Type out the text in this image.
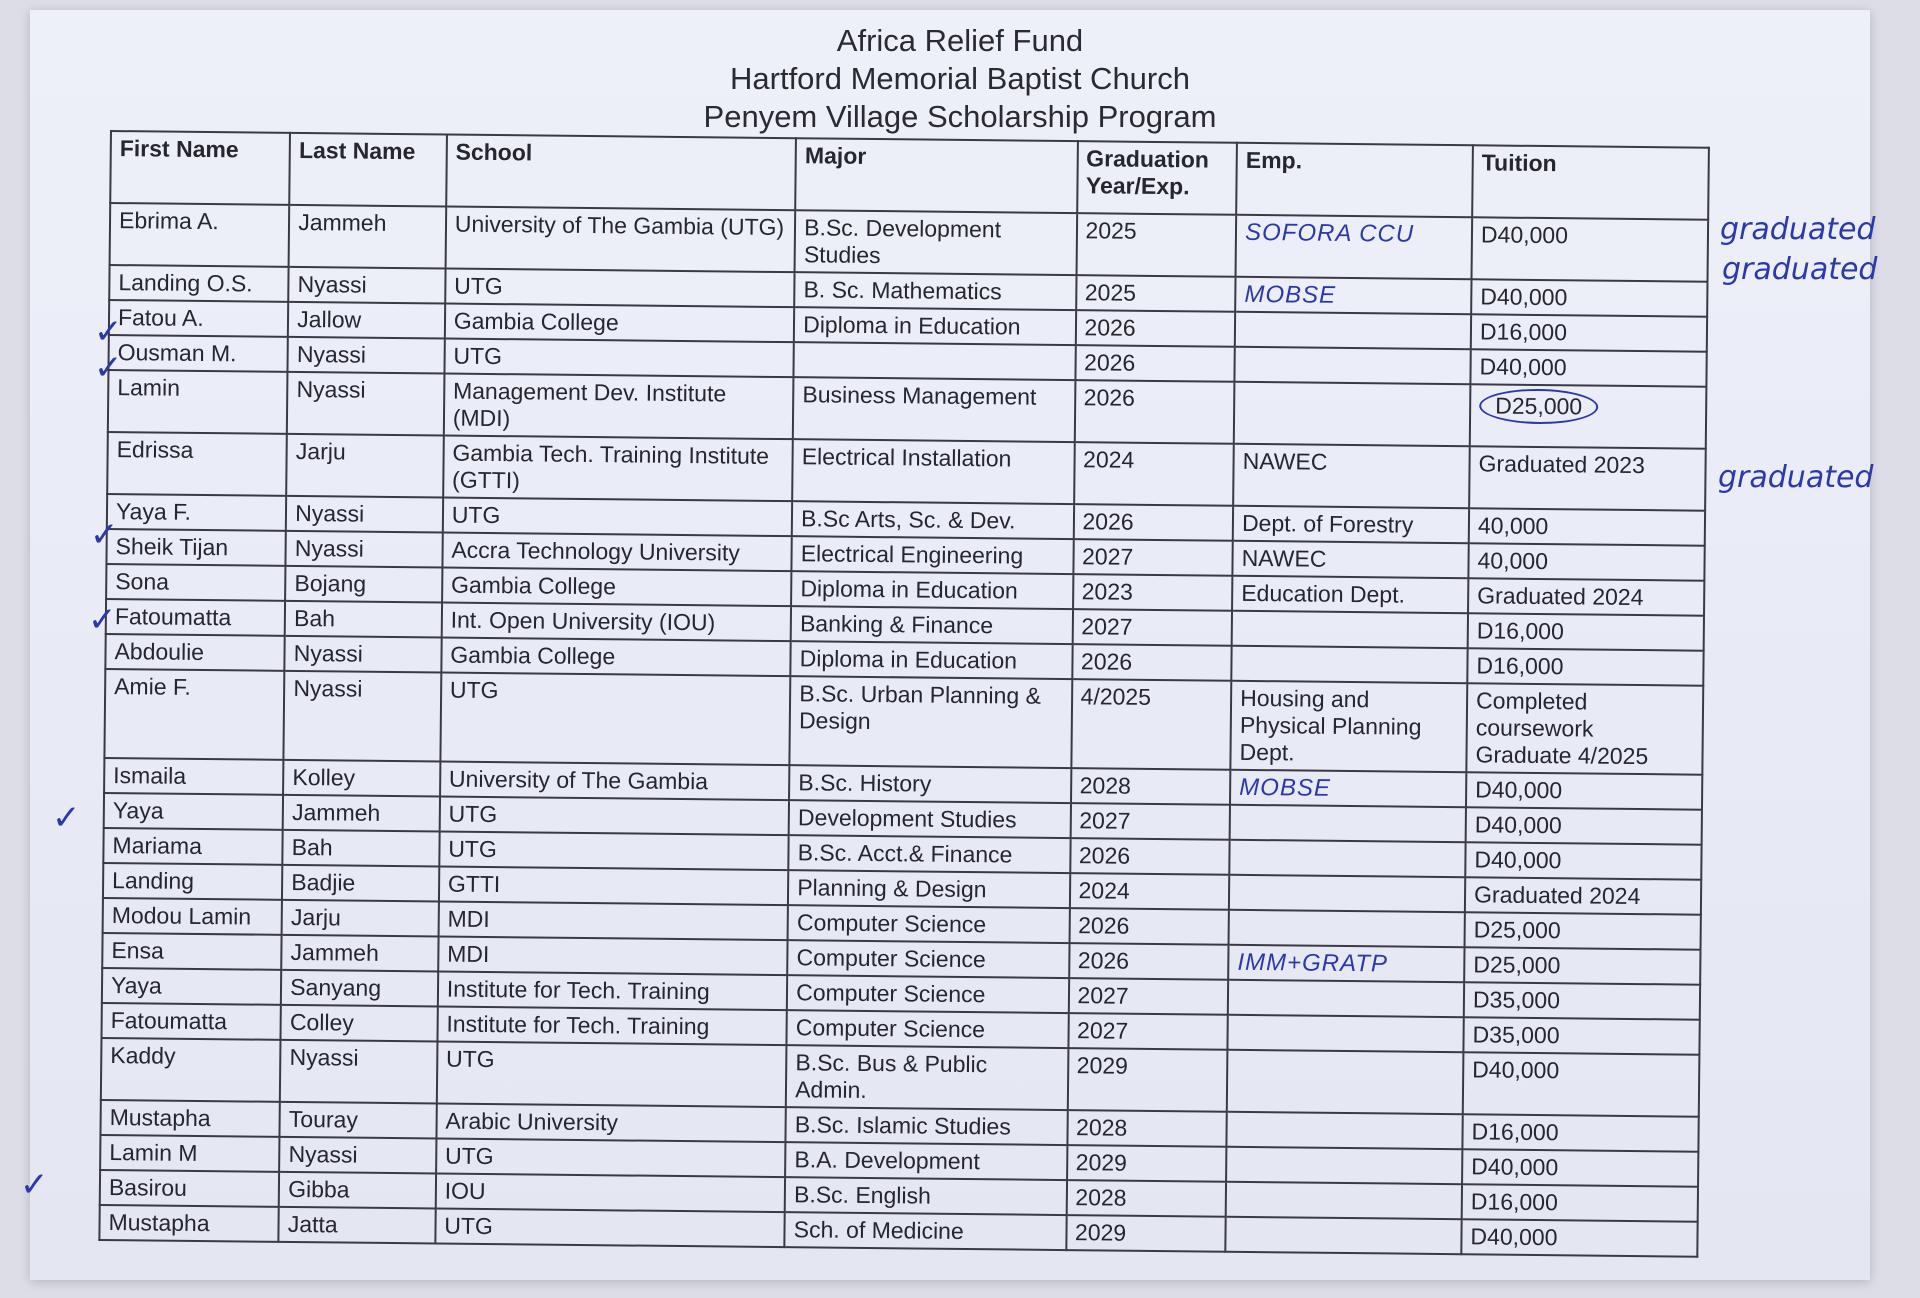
Africa Relief Fund
Hartford Memorial Baptist Church
Penyem Village Scholarship Program
First Name	Last Name	School	Major	Graduation Year/Exp.	Emp.	Tuition
Ebrima A.	Jammeh	University of The Gambia (UTG)	B.Sc. Development Studies	2025	SOFORA CCU	D40,000
Landing O.S.	Nyassi	UTG	B. Sc. Mathematics	2025	MOBSE	D40,000
Fatou A.	Jallow	Gambia College	Diploma in Education	2026		D16,000
Ousman M.	Nyassi	UTG		2026		D40,000
Lamin	Nyassi	Management Dev. Institute (MDI)	Business Management	2026		D25,000
Edrissa	Jarju	Gambia Tech. Training Institute (GTTI)	Electrical Installation	2024	NAWEC	Graduated 2023
Yaya F.	Nyassi	UTG	B.Sc Arts, Sc. & Dev.	2026	Dept. of Forestry	40,000
Sheik Tijan	Nyassi	Accra Technology University	Electrical Engineering	2027	NAWEC	40,000
Sona	Bojang	Gambia College	Diploma in Education	2023	Education Dept.	Graduated 2024
Fatoumatta	Bah	Int. Open University (IOU)	Banking & Finance	2027		D16,000
Abdoulie	Nyassi	Gambia College	Diploma in Education	2026		D16,000
Amie F.	Nyassi	UTG	B.Sc. Urban Planning & Design	4/2025	Housing and Physical Planning Dept.	Completed coursework Graduate 4/2025
Ismaila	Kolley	University of The Gambia	B.Sc. History	2028	MOBSE	D40,000
Yaya	Jammeh	UTG	Development Studies	2027		D40,000
Mariama	Bah	UTG	B.Sc. Acct.& Finance	2026		D40,000
Landing	Badjie	GTTI	Planning & Design	2024		Graduated 2024
Modou Lamin	Jarju	MDI	Computer Science	2026		D25,000
Ensa	Jammeh	MDI	Computer Science	2026	IMM+GRATP	D25,000
Yaya	Sanyang	Institute for Tech. Training	Computer Science	2027		D35,000
Fatoumatta	Colley	Institute for Tech. Training	Computer Science	2027		D35,000
Kaddy	Nyassi	UTG	B.Sc. Bus & Public Admin.	2029		D40,000
Mustapha	Touray	Arabic University	B.Sc. Islamic Studies	2028		D16,000
Lamin M	Nyassi	UTG	B.A. Development	2029		D40,000
Basirou	Gibba	IOU	B.Sc. English	2028		D16,000
Mustapha	Jatta	UTG	Sch. of Medicine	2029		D40,000
graduated
graduated
graduated
✓
✓
✓
✓
✓
✓
